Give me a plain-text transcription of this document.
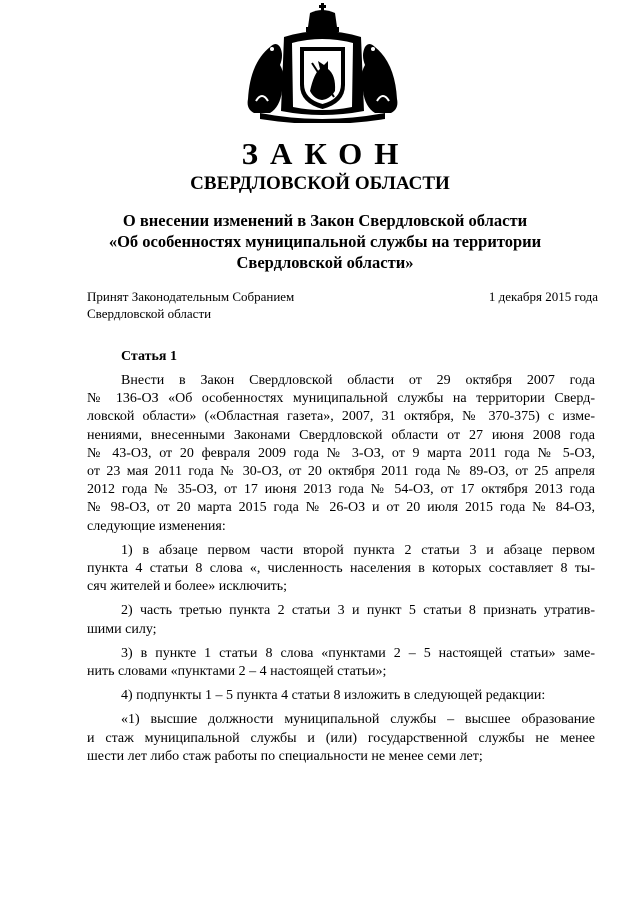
ЗАКОН
СВЕРДЛОВСКОЙ ОБЛАСТИ
О внесении изменений в Закон Свердловской области
«Об особенностях муниципальной службы на территории
Свердловской области»
Принят Законодательным Собранием
Свердловской области
1 декабря 2015 года
Статья 1
Внести в Закон Свердловской области от 29 октября 2007 года
№ 136-ОЗ «Об особенностях муниципальной службы на территории Сверд-
ловской области» («Областная газета», 2007, 31 октября, № 370-375) с изме-
нениями, внесенными Законами Свердловской области от 27 июня 2008 года
№ 43-ОЗ, от 20 февраля 2009 года № 3-ОЗ, от 9 марта 2011 года № 5-ОЗ,
от 23 мая 2011 года № 30-ОЗ, от 20 октября 2011 года № 89-ОЗ, от 25 апреля
2012 года № 35-ОЗ, от 17 июня 2013 года № 54-ОЗ, от 17 октября 2013 года
№ 98-ОЗ, от 20 марта 2015 года № 26-ОЗ и от 20 июля 2015 года № 84-ОЗ,
следующие изменения:
1) в абзаце первом части второй пункта 2 статьи 3 и абзаце первом
пункта 4 статьи 8 слова «, численность населения в которых составляет 8 ты-
сяч жителей и более» исключить;
2) часть третью пункта 2 статьи 3 и пункт 5 статьи 8 признать утратив-
шими силу;
3) в пункте 1 статьи 8 слова «пунктами 2 – 5 настоящей статьи» заме-
нить словами «пунктами 2 – 4 настоящей статьи»;
4) подпункты 1 – 5 пункта 4 статьи 8 изложить в следующей редакции:
«1) высшие должности муниципальной службы – высшее образование
и стаж муниципальной службы и (или) государственной службы не менее
шести лет либо стаж работы по специальности не менее семи лет;
